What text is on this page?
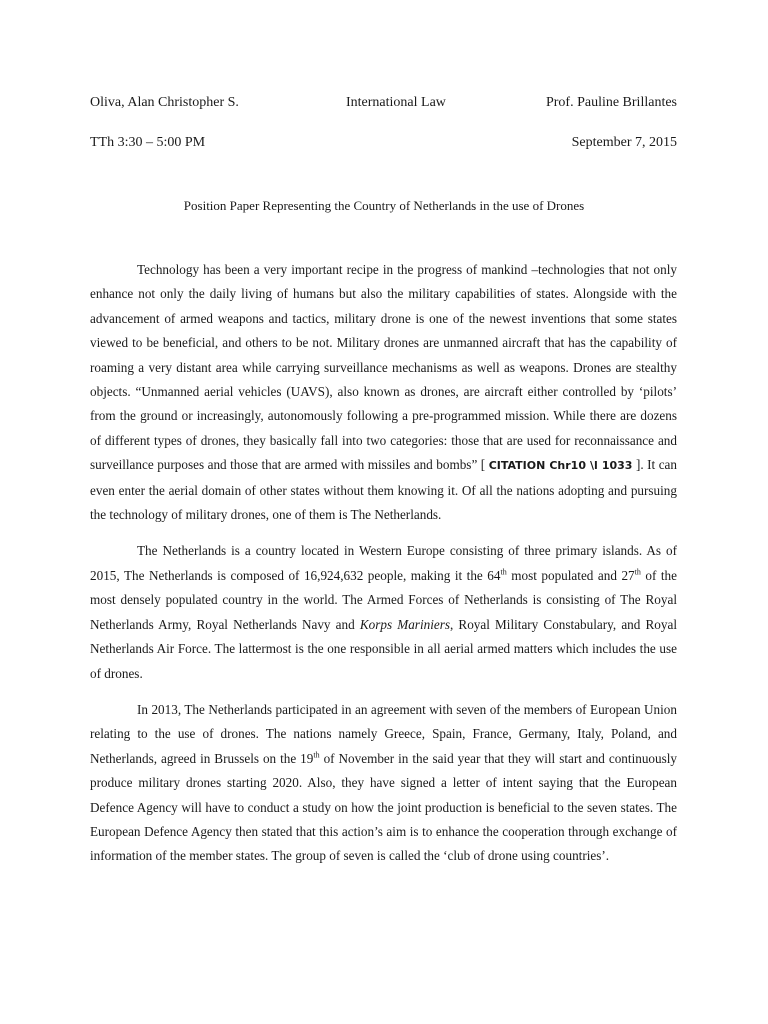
Oliva, Alan Christopher S.	International Law	Prof. Pauline Brillantes
TTh 3:30 – 5:00 PM	September 7, 2015
Position Paper Representing the Country of Netherlands in the use of Drones

Technology has been a very important recipe in the progress of mankind –technologies that not only enhance not only the daily living of humans but also the military capabilities of states. Alongside with the advancement of armed weapons and tactics, military drone is one of the newest inventions that some states viewed to be beneficial, and others to be not. Military drones are unmanned aircraft that has the capability of roaming a very distant area while carrying surveillance mechanisms as well as weapons. Drones are stealthy objects. “Unmanned aerial vehicles (UAVS), also known as drones, are aircraft either controlled by ‘pilots’ from the ground or increasingly, autonomously following a pre-programmed mission. While there are dozens of different types of drones, they basically fall into two categories: those that are used for reconnaissance and surveillance purposes and those that are armed with missiles and bombs” [ CITATION Chr10 \l 1033 ]. It can even enter the aerial domain of other states without them knowing it. Of all the nations adopting and pursuing the technology of military drones, one of them is The Netherlands.

The Netherlands is a country located in Western Europe consisting of three primary islands. As of 2015, The Netherlands is composed of 16,924,632 people, making it the 64th most populated and 27th of the most densely populated country in the world. The Armed Forces of Netherlands is consisting of The Royal Netherlands Army, Royal Netherlands Navy and Korps Mariniers, Royal Military Constabulary, and Royal Netherlands Air Force. The lattermost is the one responsible in all aerial armed matters which includes the use of drones.

In 2013, The Netherlands participated in an agreement with seven of the members of European Union relating to the use of drones. The nations namely Greece, Spain, France, Germany, Italy, Poland, and Netherlands, agreed in Brussels on the 19th of November in the said year that they will start and continuously produce military drones starting 2020. Also, they have signed a letter of intent saying that the European Defence Agency will have to conduct a study on how the joint production is beneficial to the seven states. The European Defence Agency then stated that this action’s aim is to enhance the cooperation through exchange of information of the member states. The group of seven is called the ‘club of drone using countries’.
